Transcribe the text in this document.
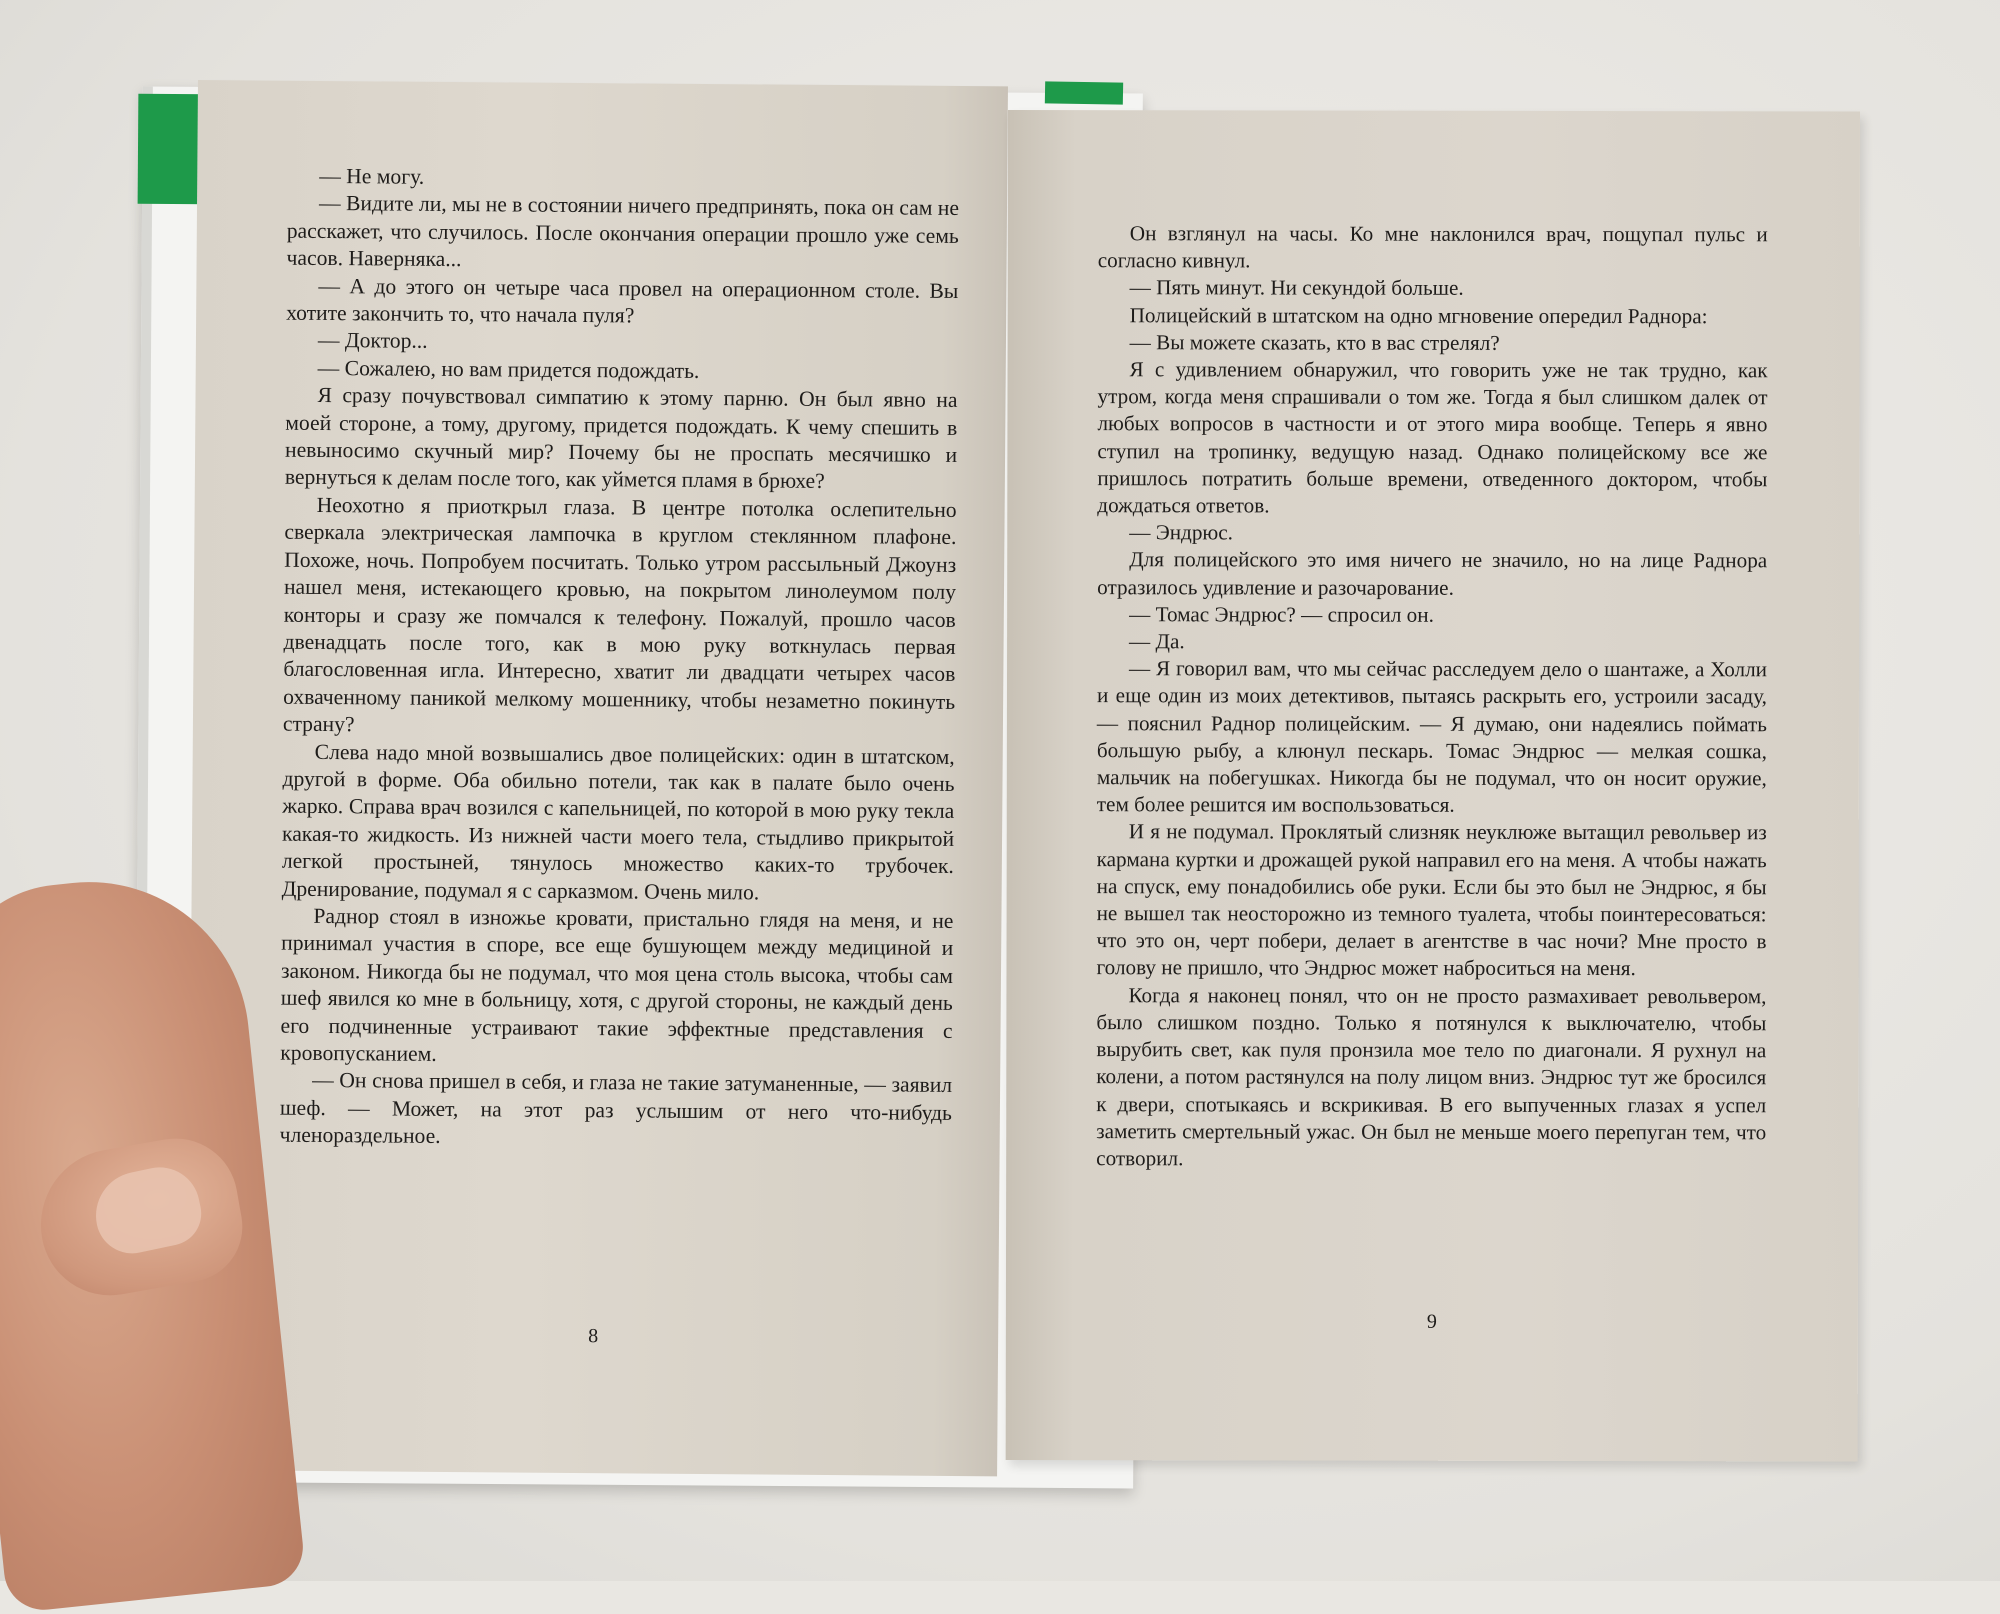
— Не могу.

— Видите ли, мы не в состоянии ничего предпринять, пока он сам не расскажет, что случилось. После окончания операции прошло уже семь часов. Наверняка...

— А до этого он четыре часа провел на операционном столе. Вы хотите закончить то, что начала пуля?

— Доктор...

— Сожалею, но вам придется подождать.

Я сразу почувствовал симпатию к этому парню. Он был явно на моей стороне, а тому, другому, придется подождать. К чему спешить в невыносимо скучный мир? Почему бы не проспать месячишко и вернуться к делам после того, как уймется пламя в брюхе?

Неохотно я приоткрыл глаза. В центре потолка ослепительно сверкала электрическая лампочка в круглом стеклянном плафоне. Похоже, ночь. Попробуем посчитать. Только утром рассыльный Джоунз нашел меня, истекающего кровью, на покрытом линолеумом полу конторы и сразу же помчался к телефону. Пожалуй, прошло часов двенадцать после того, как в мою руку воткнулась первая благословенная игла. Интересно, хватит ли двадцати четырех часов охваченному паникой мелкому мошеннику, чтобы незаметно покинуть страну?

Слева надо мной возвышались двое полицейских: один в штатском, другой в форме. Оба обильно потели, так как в палате было очень жарко. Справа врач возился с капельницей, по которой в мою руку текла какая-то жидкость. Из нижней части моего тела, стыдливо прикрытой легкой простыней, тянулось множество каких-то трубочек. Дренирование, подумал я с сарказмом. Очень мило.

Раднор стоял в изножье кровати, пристально глядя на меня, и не принимал участия в споре, все еще бушующем между медициной и законом. Никогда бы не подумал, что моя цена столь высока, чтобы сам шеф явился ко мне в больницу, хотя, с другой стороны, не каждый день его подчиненные устраивают такие эффектные представления с кровопусканием.

— Он снова пришел в себя, и глаза не такие затуманенные, — заявил шеф. — Может, на этот раз услышим от него что-нибудь членораздельное.

8

Он взглянул на часы. Ко мне наклонился врач, пощупал пульс и согласно кивнул.

— Пять минут. Ни секундой больше.

Полицейский в штатском на одно мгновение опередил Раднора:

— Вы можете сказать, кто в вас стрелял?

Я с удивлением обнаружил, что говорить уже не так трудно, как утром, когда меня спрашивали о том же. Тогда я был слишком далек от любых вопросов в частности и от этого мира вообще. Теперь я явно ступил на тропинку, ведущую назад. Однако полицейскому все же пришлось потратить больше времени, отведенного доктором, чтобы дождаться ответов.

— Эндрюс.

Для полицейского это имя ничего не значило, но на лице Раднора отразилось удивление и разочарование.

— Томас Эндрюс? — спросил он.

— Да.

— Я говорил вам, что мы сейчас расследуем дело о шантаже, а Холли и еще один из моих детективов, пытаясь раскрыть его, устроили засаду, — пояснил Раднор полицейским. — Я думаю, они надеялись поймать большую рыбу, а клюнул пескарь. Томас Эндрюс — мелкая сошка, мальчик на побегушках. Никогда бы не подумал, что он носит оружие, тем более решится им воспользоваться.

И я не подумал. Проклятый слизняк неуклюже вытащил револьвер из кармана куртки и дрожащей рукой направил его на меня. А чтобы нажать на спуск, ему понадобились обе руки. Если бы это был не Эндрюс, я бы не вышел так неосторожно из темного туалета, чтобы поинтересоваться: что это он, черт побери, делает в агентстве в час ночи? Мне просто в голову не пришло, что Эндрюс может наброситься на меня.

Когда я наконец понял, что он не просто размахивает револьвером, было слишком поздно. Только я потянулся к выключателю, чтобы вырубить свет, как пуля пронзила мое тело по диагонали. Я рухнул на колени, а потом растянулся на полу лицом вниз. Эндрюс тут же бросился к двери, спотыкаясь и вскрикивая. В его выпученных глазах я успел заметить смертельный ужас. Он был не меньше моего перепуган тем, что сотворил.

9
